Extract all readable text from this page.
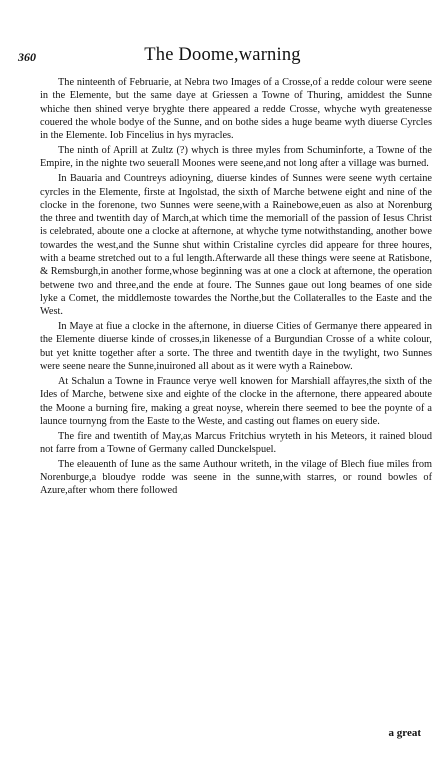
360	The Doome,warning

The ninteenth of Februarie, at Nebra two Images of a Crosse,of a redde colour were seene in the Elemente, but the same daye at Griessen a Towne of Thuring, amiddest the Sunne whiche then shined verye bryghte there appeared a redde Crosse, whyche wyth greatenesse couered the whole bodye of the Sunne, and on bothe sides a huge beame wyth diuerse Cyrcles in the Elemente. Iob Fincelius in hys myracles.

The ninth of Aprill at Zultz (?) whych is three myles from Schuminforte, a Towne of the Empire, in the nighte two seuerall Moones were seene,and not long after a village was burned.

In Bauaria and Countreys adioyning, diuerse kindes of Sunnes were seene wyth certaine cyrcles in the Elemente, firste at Ingolstad, the sixth of Marche betwene eight and nine of the clocke in the forenone, two Sunnes were seene,with a Rainebowe,euen as also at Norenburg the three and twentith day of March,at which time the memoriall of the passion of Iesus Christ is celebrated, aboute one a clocke at afternone, at whyche tyme notwithstanding, another bowe towardes the west,and the Sunne shut within Cristaline cyrcles did appeare for three houres, with a beame stretched out to a ful length.Afterwarde all these things were seene at Ratisbone, & Remsburgh,in another forme,whose beginning was at one a clock at afternone, the operation betwene two and three,and the ende at foure. The Sunnes gaue out long beames of one side lyke a Comet, the middlemoste towardes the Northe,but the Collateralles to the Easte and the West.

In Maye at fiue a clocke in the afternone, in diuerse Cities of Germanye there appeared in the Elemente diuerse kinde of crosses,in likenesse of a Burgundian Crosse of a white colour, but yet knitte together after a sorte. The three and twentith daye in the twylight, two Sunnes were seene neare the Sunne,inuironed all about as it were wyth a Rainebow.

At Schalun a Towne in Fraunce verye well knowen for Marshiall affayres,the sixth of the Ides of Marche, betwene sixe and eighte of the clocke in the afternone, there appeared aboute the Moone a burning fire, making a great noyse, wherein there seemed to bee the poynte of a launce tournyng from the Easte to the Weste, and casting out flames on euery side.

The fire and twentith of May,as Marcus Fritchius wryteth in his Meteors, it rained bloud not farre from a Towne of Germany called Dunckelspuel.

The eleauenth of Iune as the same Authour writeth, in the vilage of Blech fiue miles from Norenburge,a bloudye rodde was seene in the sunne,with starres, or round bowles of Azure,after whom there followed

a great
